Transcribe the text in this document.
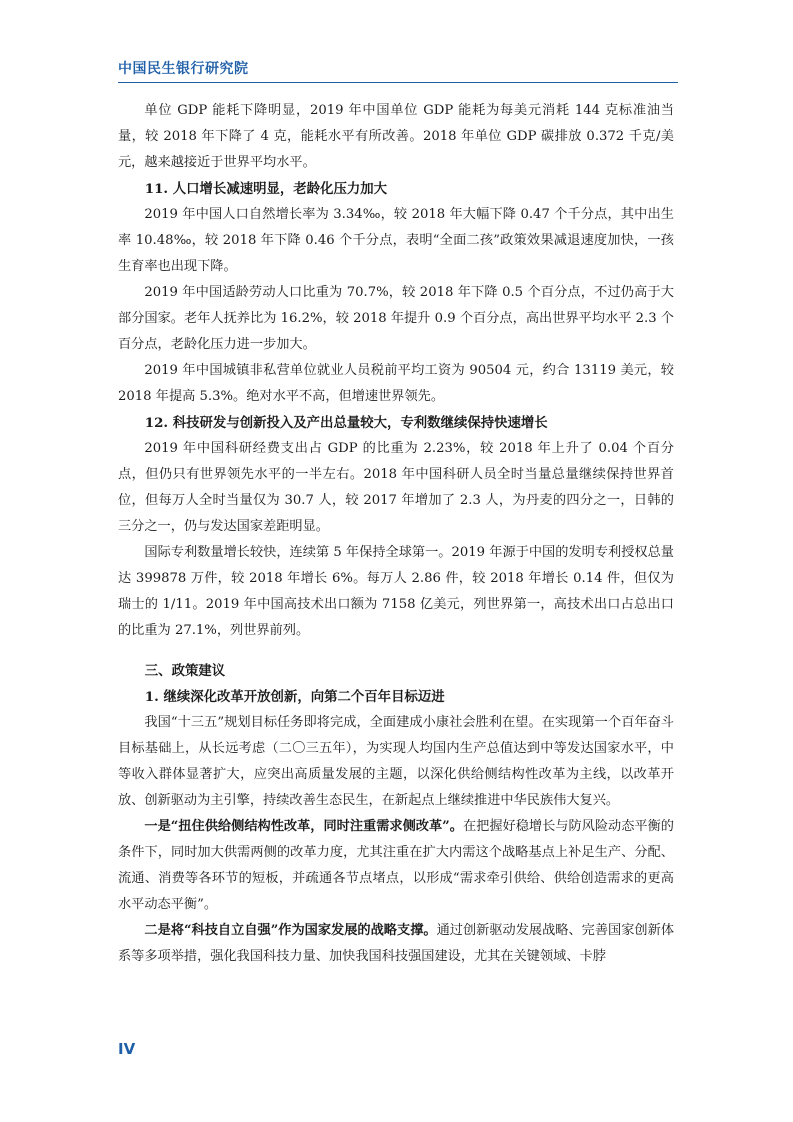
中国民生银行研究院

单位 GDP 能耗下降明显，2019 年中国单位 GDP 能耗为每美元消耗 144 克标准油当量，较 2018 年下降了 4 克，能耗水平有所改善。2018 年单位 GDP 碳排放 0.372 千克/美元，越来越接近于世界平均水平。

11. 人口增长减速明显，老龄化压力加大

2019 年中国人口自然增长率为 3.34‰，较 2018 年大幅下降 0.47 个千分点，其中出生率 10.48‰，较 2018 年下降 0.46 个千分点，表明“全面二孩”政策效果减退速度加快，一孩生育率也出现下降。

2019 年中国适龄劳动人口比重为 70.7%，较 2018 年下降 0.5 个百分点，不过仍高于大部分国家。老年人抚养比为 16.2%，较 2018 年提升 0.9 个百分点，高出世界平均水平 2.3 个百分点，老龄化压力进一步加大。

2019 年中国城镇非私营单位就业人员税前平均工资为 90504 元，约合 13119 美元，较 2018 年提高 5.3%。绝对水平不高，但增速世界领先。

12. 科技研发与创新投入及产出总量较大，专利数继续保持快速增长

2019 年中国科研经费支出占 GDP 的比重为 2.23%，较 2018 年上升了 0.04 个百分点，但仍只有世界领先水平的一半左右。2018 年中国科研人员全时当量总量继续保持世界首位，但每万人全时当量仅为 30.7 人，较 2017 年增加了 2.3 人，为丹麦的四分之一，日韩的三分之一，仍与发达国家差距明显。

国际专利数量增长较快，连续第 5 年保持全球第一。2019 年源于中国的发明专利授权总量达 399878 万件，较 2018 年增长 6%。每万人 2.86 件，较 2018 年增长 0.14 件，但仅为瑞士的 1/11。2019 年中国高技术出口额为 7158 亿美元，列世界第一，高技术出口占总出口的比重为 27.1%，列世界前列。

三、政策建议
1. 继续深化改革开放创新，向第二个百年目标迈进

我国“十三五”规划目标任务即将完成，全面建成小康社会胜利在望。在实现第一个百年奋斗目标基础上，从长远考虑（二〇三五年），为实现人均国内生产总值达到中等发达国家水平，中等收入群体显著扩大，应突出高质量发展的主题，以深化供给侧结构性改革为主线，以改革开放、创新驱动为主引擎，持续改善生态民生，在新起点上继续推进中华民族伟大复兴。

一是“扭住供给侧结构性改革，同时注重需求侧改革”。在把握好稳增长与防风险动态平衡的条件下，同时加大供需两侧的改革力度，尤其注重在扩大内需这个战略基点上补足生产、分配、流通、消费等各环节的短板，并疏通各节点堵点，以形成“需求牵引供给、供给创造需求的更高水平动态平衡”。

二是将“科技自立自强”作为国家发展的战略支撑。通过创新驱动发展战略、完善国家创新体系等多项举措，强化我国科技力量、加快我国科技强国建设，尤其在关键领域、卡脖

IV
